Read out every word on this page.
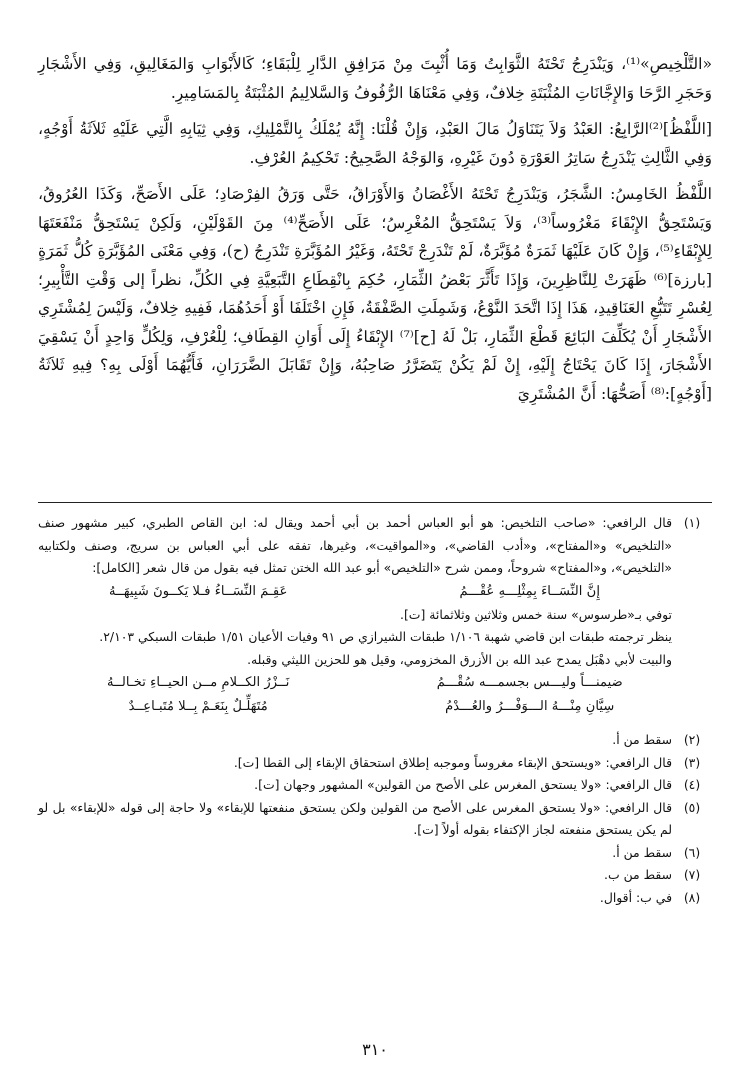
«التَّلْخِيصِ»⁽¹⁾، وَيَنْدَرِجُ تَحْتَهُ الثَّوَابِتُ وَمَا أُثْبِتَ مِنْ مَرَافِقِ الدَّارِ لِلْبَقَاءِ؛ كَالأَبْوَابِ وَالمَغَالِيقِ، وَفِي الأَشْجَارِ وَحَجَرِ الرَّحَا وَالإِجَّانَاتِ المُثْبَتَةِ خِلافٌ، وَفِي مَعْنَاهَا الرُّفُوفُ وَالسَّلالِيمُ المُثْبَتَةُ بِالمَسَامِيرِ.

[اللَّفْظُ]⁽²⁾الرَّابِعُ: العَبْدُ وَلاَ يَتَنَاوَلُ مَالَ العَبْدِ، وَإِنْ قُلْنَا: إِنَّهُ يُمْلَكُ بِالتَّمْلِيكِ، وَفِي ثِيَابِهِ الَّتِي عَلَيْهِ ثَلاَثَةُ أَوْجُهٍ، وَفِي الثَّالِثِ يَنْدَرِجُ سَاتِرُ العَوْرَةِ دُونَ غَيْرِهِ، وَالوَجْهُ الصَّحِيحُ: تَحْكِيمُ العُرْفِ.

اللَّفْظُ الخَامِسُ: الشَّجَرُ، وَيَنْدَرِجُ تَحْتَهُ الأَغْصَانُ وَالأَوْرَاقُ، حَتَّى وَرَقُ الفِرْصَادِ؛ عَلَى الأَصَحِّ، وَكَذَا العُرُوقُ، وَيَسْتَحِقُّ الإِبْقَاءَ مَغْرُوساً⁽³⁾، وَلاَ يَسْتَحِقُّ المُغْرِسُ؛ عَلَى الأَصَحِّ⁽⁴⁾ مِنَ القَوْلَيْنِ، وَلَكِنْ يَسْتَحِقُّ مَنْفَعَتَهَا لِلإِبْقَاءِ⁽⁵⁾، وَإِنْ كَانَ عَلَيْهَا ثَمَرَةٌ مُؤَبَّرَةٌ، لَمْ تَنْدَرِجْ تَحْتَهُ، وَغَيْرُ المُؤَبَّرَةِ تَنْدَرِجُ (ح)، وَفِي مَعْنَى المُؤَبَّرَةِ كُلُّ ثَمَرَةٍ [بارزة]⁽⁶⁾ ظَهَرَتْ لِلنَّاظِرِينَ، وَإِذَا تَأَثَّرَ بَعْضُ الثِّمَارِ، حُكِمَ بِانْقِطَاعِ التَّبَعِيَّةِ فِي الكُلِّ، نظراً إلى وَقْتِ التَّأْبِيرِ؛ لِعُسْرِ تَتَبُّعِ العَنَاقِيدِ، هَذَا إِذَا اتَّحَدَ النَّوْعُ، وَشَمِلَتِ الصَّفْقَةُ، فَإِنِ اخْتَلَفَا أَوْ أَحَدُهُمَا، فَفِيهِ خِلافٌ، وَلَيْسَ لِمُشْتَرِي الأَشْجَارِ أَنْ يُكَلِّفَ البَائِعَ قَطْعَ الثِّمَارِ، بَلْ لَهُ [ح]⁽⁷⁾ الإِبْقَاءُ إِلَى أَوَانِ القِطَافِ؛ لِلْعُرْفِ، وَلِكُلٍّ وَاحِدٍ أَنْ يَسْقِيَ الأَشْجَارَ، إِذَا كَانَ يَحْتَاجُ إِلَيْهِ، إِنْ لَمْ يَكُنْ يَتَضَرَّرُ صَاحِبُهُ، وَإِنْ تَقَابَلَ الضَّرَرَانِ، فَأَيُّهُمَا أَوْلَى بِهِ؟ فِيهِ ثَلاَثَةُ [أَوْجُهٍ]:⁽⁸⁾ أَصَحُّهَا: أَنَّ المُشْتَرِيَ

(١)

قال الرافعي: «صاحب التلخيص: هو أبو العباس أحمد بن أبي أحمد ويقال له: ابن القاص الطبري، كبير مشهور صنف «التلخيص» و«المفتاح»، و«أدب القاضي»، و«المواقيت»، وغيرها، تفقه على أبي العباس بن سريج، وصنف ولكتابيه «التلخيص»، و«المفتاح» شروحاً، وممن شرح «التلخيص» أبو عبد الله الختن تمثل فيه بقول من قال شعر [الكامل]:

إِنَّ النِّسَــاءَ بِمِثْلِـــهِ عُقْـــمُ
عَقِـمَ النِّسَــاءُ فـلا يَكــونَ شَبِيهَــهُ

توفي بـ«طرسوس» سنة خمس وثلاثين وثلاثمائة [ت].

ينظر ترجمته طبقات ابن قاضي شهبة ١/١٠٦ طبقات الشيرازي ص ٩١ وفيات الأعيان ١/٥١ طبقات السبكي ٢/١٠٣.

والبيت لأبي دهْبَل يمدح عبد الله بن الأزرق المخزومي، وقيل هو للحزين الليثي وقبله.

ضيمنـــاً وليـــس بجسمـــه سُقْـــمُ
نَــزْرُ الكــلامِ مــن الحيــاءِ تخـالــهُ
سِيَّانِ مِنْـــهُ الـــوَفْـــرُ والعُـــدْمُ
مُتَهَلِّـلٌ بِنَعَـمْ بِــلا مُتَبـاعِــدٌ
(٢)
سقط من أ.
(٣)
قال الرافعي: «ويستحق الإبقاء مغروساً وموجبه إطلاق استحقاق الإبقاء إلى القطا [ت].
(٤)
قال الرافعي: «ولا يستحق المغرس على الأصح من القولين» المشهور وجهان [ت].
(٥)
قال الرافعي: «ولا يستحق المغرس على الأصح من القولين ولكن يستحق منفعتها للإبقاء» ولا حاجة إلى قوله «للإبقاء» بل لو لم يكن يستحق منفعته لجاز الإكتفاء بقوله أولاً [ت].
(٦)
سقط من أ.
(٧)
سقط من ب.
(٨)
في ب: أقوال.
٣١٠
